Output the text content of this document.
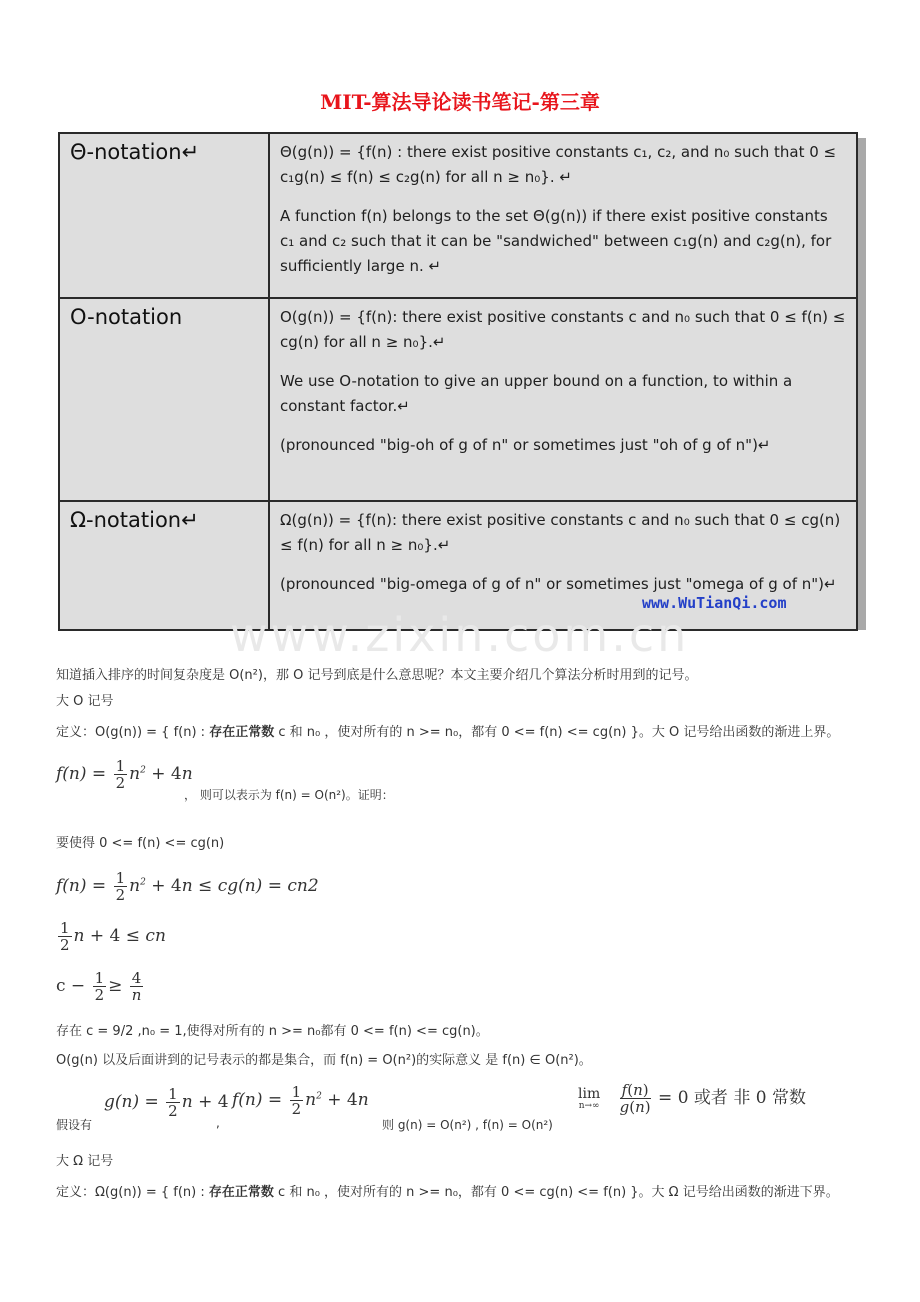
MIT-算法导论读书笔记-第三章
Θ-notation↵	Θ(g(n)) = {f(n) : there exist positive constants c₁, c₂, and n₀ such that 0 ≤ c₁g(n) ≤ f(n) ≤ c₂g(n) for all n ≥ n₀}. ↵

A function f(n) belongs to the set Θ(g(n)) if there exist positive constants c₁ and c₂ such that it can be "sandwiched" between c₁g(n) and c₂g(n), for sufficiently large n. ↵

O-notation	O(g(n)) = {f(n): there exist positive constants c and n₀ such that 0 ≤ f(n) ≤ cg(n) for all n ≥ n₀}.↵

We use O-notation to give an upper bound on a function, to within a constant factor.↵

(pronounced "big-oh of g of n" or sometimes just "oh of g of n")↵

Ω-notation↵	Ω(g(n)) = {f(n): there exist positive constants c and n₀ such that 0 ≤ cg(n) ≤ f(n) for all n ≥ n₀}.↵

(pronounced "big-omega of g of n" or sometimes just "omega of g of n")↵

www.WuTianQi.com
www.zixin.com.cn
知道插入排序的时间复杂度是 O(n²)，那 O 记号到底是什么意思呢？本文主要介绍几个算法分析时用到的记号。
大 O 记号
定义：O(g(n)) = { f(n) : 存在正常数 c 和 n₀ ，使对所有的 n >= n₀，都有 0 <= f(n) <= cg(n) }。大 O 记号给出函数的渐进上界。
$f(n) = \frac{1}{2} n^2 + 4n$
， 则可以表示为 f(n) = O(n²)。证明：
要使得 0 <= f(n) <= cg(n)
$f(n) = \frac{1}{2} n^2 + 4n \le cg(n) = cn2$
$\frac{1}{2}$ n + 4 ≤ cn
$c - \frac{1}{2} \ge \frac{4}{n}$
存在 c = 9/2 ,n₀ = 1,使得对所有的 n >= n₀都有 0 <= f(n) <= cg(n)。
O(g(n) 以及后面讲到的记号表示的都是集合，而 f(n) = O(n²)的实际意义 是 f(n) ∈ O(n²)。
假设有
$g(n) = \frac{1}{2}$ n + 4
,
$f(n) = \frac{1}{2} n^2 + 4n$
则 g(n) = O(n²) , f(n) = O(n²)
lim
n→∞
$\frac{f(n)}{g(n)} = 0$ 或者 非 0 常数
大 Ω 记号
定义：Ω(g(n)) = { f(n) : 存在正常数 c 和 n₀ ，使对所有的 n >= n₀，都有 0 <= cg(n) <= f(n) }。大 Ω 记号给出函数的渐进下界。
